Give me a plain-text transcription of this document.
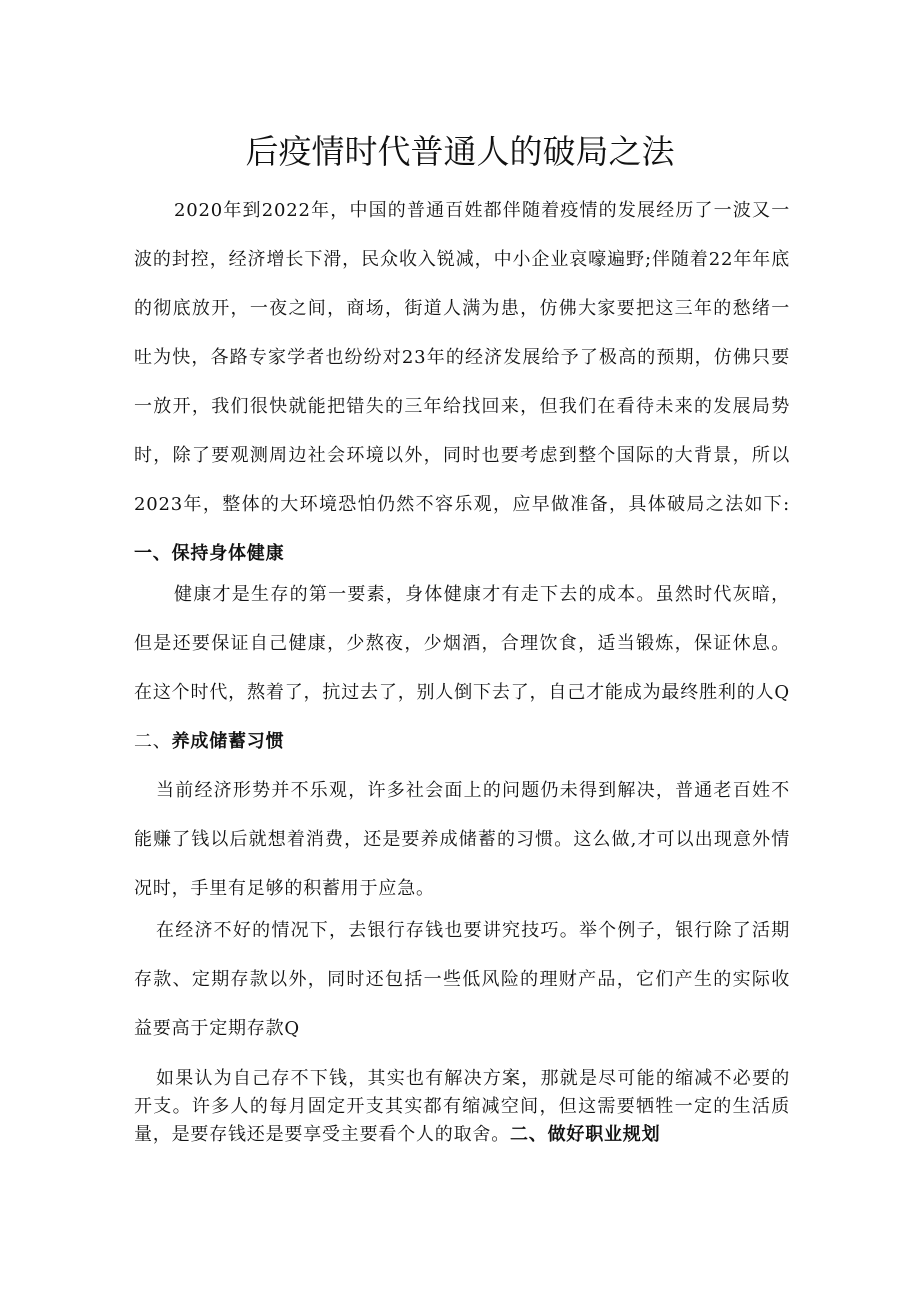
后疫情时代普通人的破局之法

2020年到2022年，中国的普通百姓都伴随着疫情的发展经历了一波又一波的封控，经济增长下滑，民众收入锐减，中小企业哀嚎遍野;伴随着22年年底的彻底放开，一夜之间，商场，街道人满为患，仿佛大家要把这三年的愁绪一吐为快，各路专家学者也纷纷对23年的经济发展给予了极高的预期，仿佛只要一放开，我们很快就能把错失的三年给找回来，但我们在看待未来的发展局势时，除了要观测周边社会环境以外，同时也要考虑到整个国际的大背景，所以2023年，整体的大环境恐怕仍然不容乐观，应早做准备，具体破局之法如下:一、保持身体健康

健康才是生存的第一要素，身体健康才有走下去的成本。虽然时代灰暗，但是还要保证自己健康，少熬夜，少烟酒，合理饮食，适当锻炼，保证休息。在这个时代，熬着了，抗过去了，别人倒下去了，自己才能成为最终胜利的人Q二、养成储蓄习惯

当前经济形势并不乐观，许多社会面上的问题仍未得到解决，普通老百姓不能赚了钱以后就想着消费，还是要养成储蓄的习惯。这么做,才可以出现意外情况时，手里有足够的积蓄用于应急。

在经济不好的情况下，去银行存钱也要讲究技巧。举个例子，银行除了活期存款、定期存款以外，同时还包括一些低风险的理财产品，它们产生的实际收益要高于定期存款Q

如果认为自己存不下钱，其实也有解决方案，那就是尽可能的缩减不必要的开支。许多人的每月固定开支其实都有缩减空间，但这需要牺牲一定的生活质量，是要存钱还是要享受主要看个人的取舍。二、做好职业规划
